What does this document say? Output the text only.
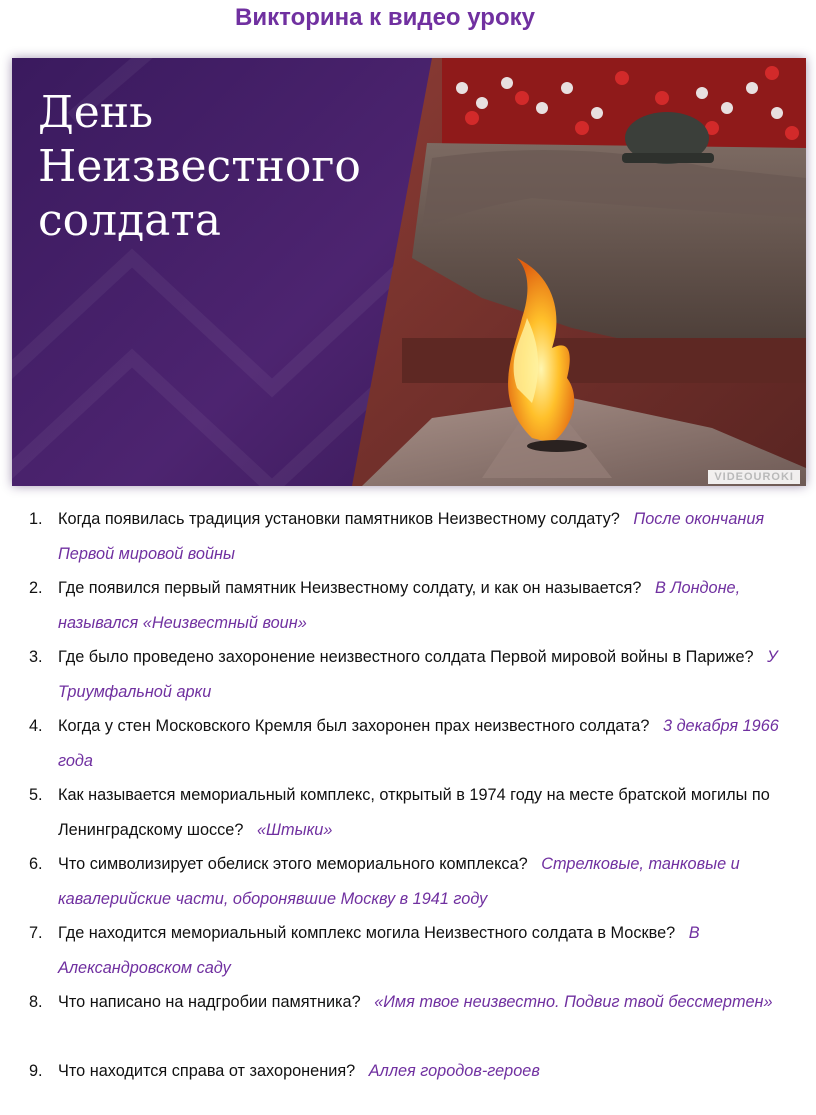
Викторина к видео уроку
День
Неизвестного
солдата
VIDEOUROKI
1. Когда появилась традиция установки памятников Неизвестному солдату?   После окончания Первой мировой войны
2. Где появился первый памятник Неизвестному солдату, и как он называется?   В Лондоне, назывался «Неизвестный воин»
3. Где было проведено захоронение неизвестного солдата Первой мировой войны в Париже?   У Триумфальной арки
4. Когда у стен Московского Кремля был захоронен прах неизвестного солдата?   3 декабря 1966 года
5. Как называется мемориальный комплекс, открытый в 1974 году на месте братской могилы по Ленинградскому шоссе?   «Штыки»
6. Что символизирует обелиск этого мемориального комплекса?   Стрелковые, танковые и кавалерийские части, оборонявшие Москву в 1941 году
7. Где находится мемориальный комплекс могила Неизвестного солдата в Москве?   В Александровском саду
8. Что написано на надгробии памятника?   «Имя твое неизвестно. Подвиг твой бессмертен»
9. Что находится справа от захоронения?   Аллея городов-героев
